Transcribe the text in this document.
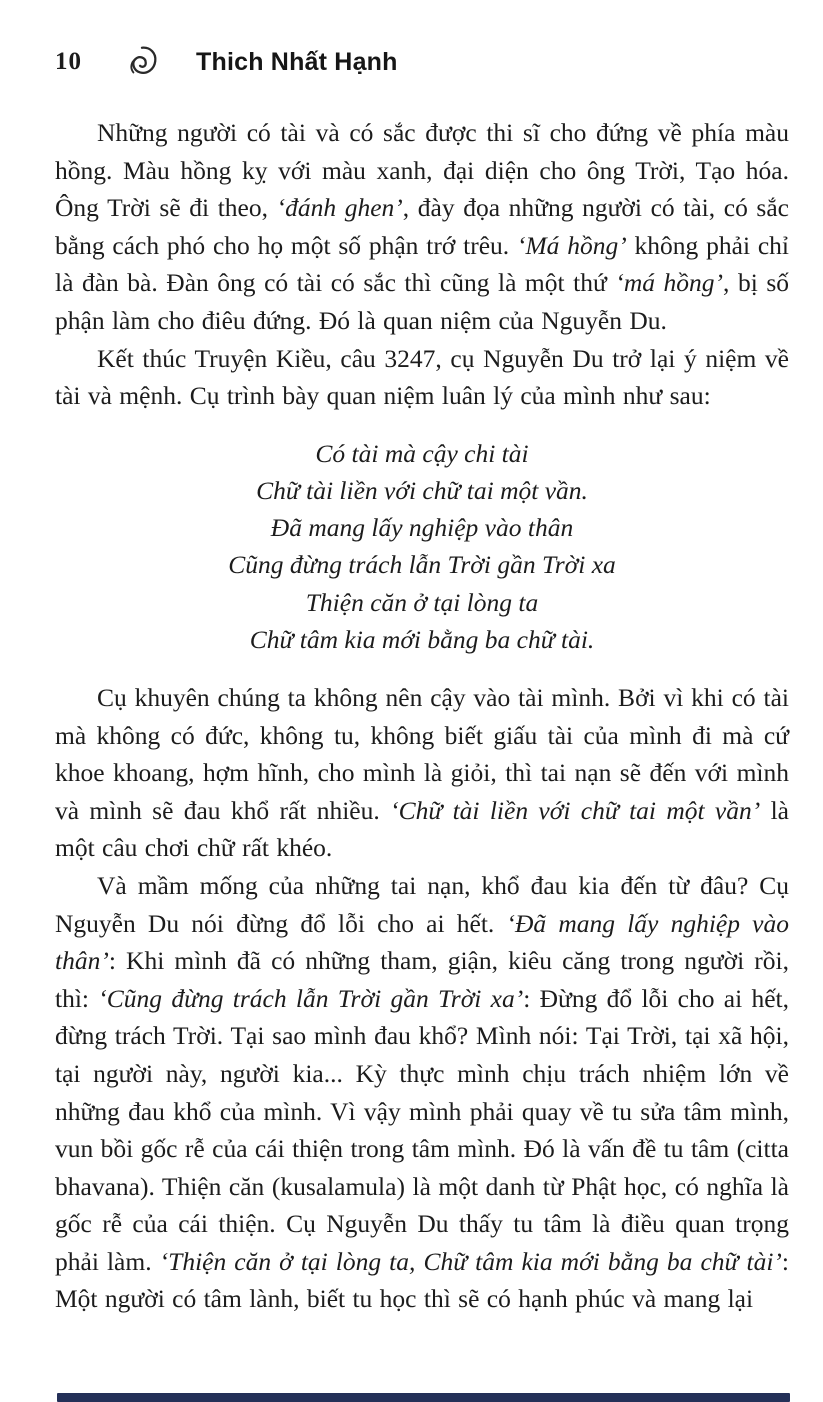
10	Thich Nhất Hạnh

Những người có tài và có sắc được thi sĩ cho đứng về phía màu hồng. Màu hồng kỵ với màu xanh, đại diện cho ông Trời, Tạo hóa. Ông Trời sẽ đi theo, ‘đánh ghen’, đày đọa những người có tài, có sắc bằng cách phó cho họ một số phận trớ trêu. ‘Má hồng’ không phải chỉ là đàn bà. Đàn ông có tài có sắc thì cũng là một thứ ‘má hồng’, bị số phận làm cho điêu đứng. Đó là quan niệm của Nguyễn Du.

Kết thúc Truyện Kiều, câu 3247, cụ Nguyễn Du trở lại ý niệm về tài và mệnh. Cụ trình bày quan niệm luân lý của mình như sau:

Có tài mà cậy chi tài
Chữ tài liền với chữ tai một vần.
Đã mang lấy nghiệp vào thân
Cũng đừng trách lẫn Trời gần Trời xa
Thiện căn ở tại lòng ta
Chữ tâm kia mới bằng ba chữ tài.

Cụ khuyên chúng ta không nên cậy vào tài mình. Bởi vì khi có tài mà không có đức, không tu, không biết giấu tài của mình đi mà cứ khoe khoang, hợm hĩnh, cho mình là giỏi, thì tai nạn sẽ đến với mình và mình sẽ đau khổ rất nhiều. ‘Chữ tài liền với chữ tai một vần’ là một câu chơi chữ rất khéo.

Và mầm mống của những tai nạn, khổ đau kia đến từ đâu? Cụ Nguyễn Du nói đừng đổ lỗi cho ai hết. ‘Đã mang lấy nghiệp vào thân’: Khi mình đã có những tham, giận, kiêu căng trong người rồi, thì: ‘Cũng đừng trách lẫn Trời gần Trời xa’: Đừng đổ lỗi cho ai hết, đừng trách Trời. Tại sao mình đau khổ? Mình nói: Tại Trời, tại xã hội, tại người này, người kia... Kỳ thực mình chịu trách nhiệm lớn về những đau khổ của mình. Vì vậy mình phải quay về tu sửa tâm mình, vun bồi gốc rễ của cái thiện trong tâm mình. Đó là vấn đề tu tâm (citta bhavana). Thiện căn (kusalamula) là một danh từ Phật học, có nghĩa là gốc rễ của cái thiện. Cụ Nguyễn Du thấy tu tâm là điều quan trọng phải làm. ‘Thiện căn ở tại lòng ta, Chữ tâm kia mới bằng ba chữ tài’: Một người có tâm lành, biết tu học thì sẽ có hạnh phúc và mang lại
